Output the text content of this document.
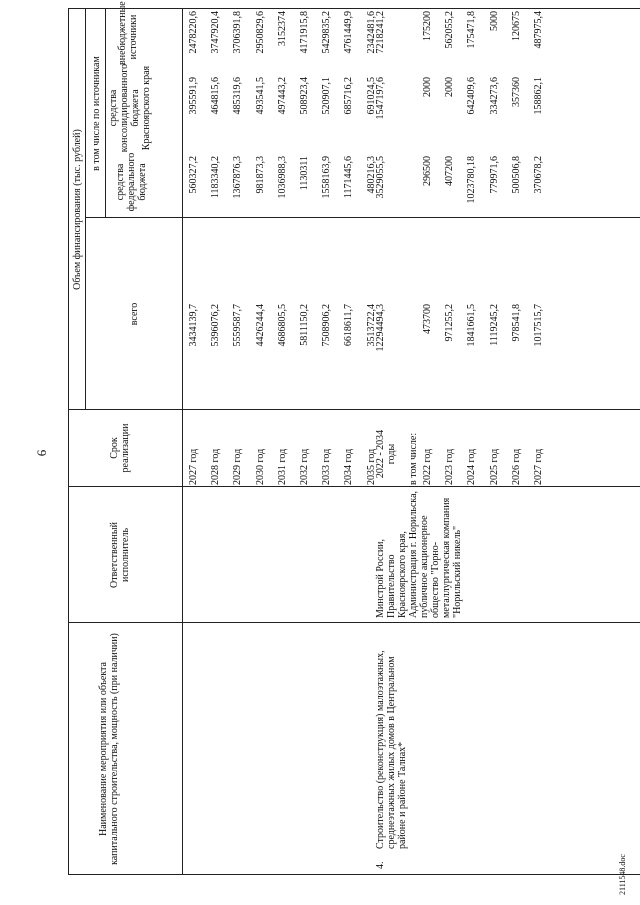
6
Наименование мероприятия или объекта капитального строительства, мощность (при наличии)
Ответственный исполнитель
Срок реализации
Объем финансирования (тыс. рублей)
всего
в том числе по источникам
средства федерального бюджета
средства консолидированного бюджета Красноярского края
внебюджетные источники
4.
Строительство (реконструкция) малоэтажных, среднеэтажных жилых домов в Центральном районе и районе Талнах*
Минстрой России, Правительство Красноярского края, Администрация г. Норильска, публичное акционерное общество "Горно-металлургическая компания "Норильский никель"
2027 год
3434139,7
560327,2
395591,9
2478220,6
2028 год
5396076,2
1183340,2
464815,6
3747920,4
2029 год
5559587,7
1367876,3
485319,6
3706391,8
2030 год
4426244,4
981873,3
493541,5
2950829,6
2031 год
4686805,5
1036988,3
497443,2
3152374
2032 год
5811150,2
1130311
508923,4
4171915,8
2033 год
7508906,2
1558163,9
520907,1
5429835,2
2034 год
6618611,7
1171445,6
685716,2
4761449,9
2035 год
3513722,4
480216,3
691024,5
2342481,6
2022 - 2034 годы
12294494,3
3529055,5
1547197,6
7218241,2
в том числе: 2022 год
473700
296500
2000
175200
2023 год
971255,2
407200
2000
562055,2
2024 год
1841661,5
1023780,18
642409,6
175471,8
2025 год
1119245,2
779971,6
334273,6
5000
2026 год
978541,8
500506,8
357360
120675
2027 год
1017515,7
370678,2
158862,1
487975,4
2111548.doc
